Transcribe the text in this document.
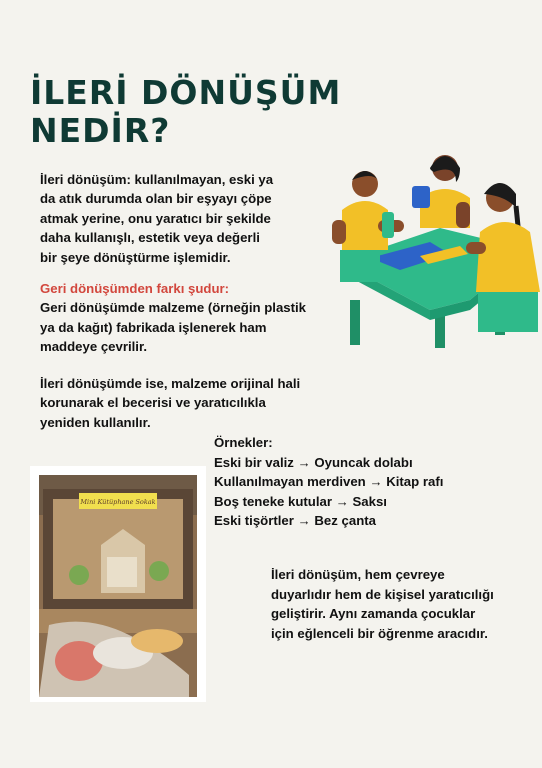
İLERİ DÖNÜŞÜM
NEDİR?
İleri dönüşüm: kullanılmayan, eski ya
da atık durumda olan bir eşyayı çöpe
atmak yerine, onu yaratıcı bir şekilde
daha kullanışlı, estetik veya değerli
bir şeye dönüştürme işlemidir.
Geri dönüşümden farkı şudur:
Geri dönüşümde malzeme (örneğin plastik
ya da kağıt) fabrikada işlenerek ham
maddeye çevrilir.
İleri dönüşümde ise, malzeme orijinal hali
korunarak el becerisi ve yaratıcılıkla
yeniden kullanılır.
Örnekler:
Eski bir valiz → Oyuncak dolabı
Kullanılmayan merdiven → Kitap rafı
Boş teneke kutular → Saksı
Eski tişörtler → Bez çanta
İleri dönüşüm, hem çevreye
duyarlıdır hem de kişisel yaratıcılığı
geliştirir. Aynı zamanda çocuklar
için eğlenceli bir öğrenme aracıdır.
Mini Kütüphane Sokak
